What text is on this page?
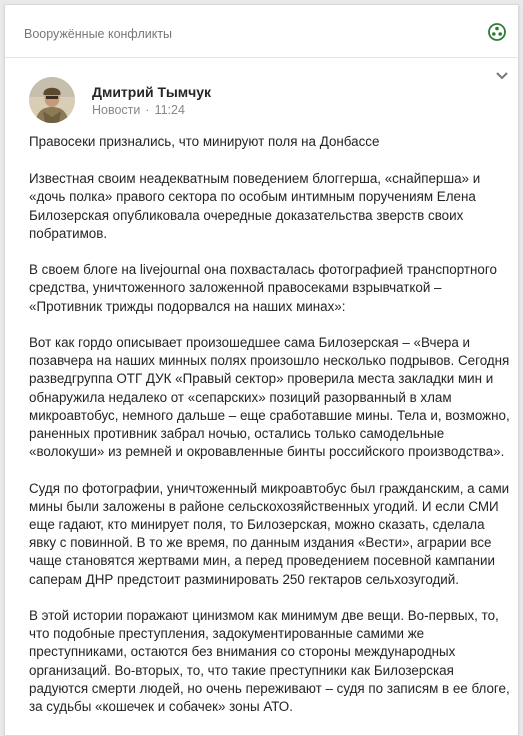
Вооружённые конфликты
Дмитрий Тымчук
Новости · 11:24

Правосеки признались, что минируют поля на Донбассе

Известная своим неадекватным поведением блоггерша, «снайперша» и «дочь полка» правого сектора по особым интимным поручениям Елена Билозерская опубликовала очередные доказательства зверств своих побратимов.

В своем блоге на livejournal она похвасталась фотографией транспортного средства, уничтоженного заложенной правосеками взрывчаткой – «Противник трижды подорвался на наших минах»:

Вот как гордо описывает произошедшее сама Билозерская – «Вчера и позавчера на наших минных полях произошло несколько подрывов. Сегодня разведгруппа ОТГ ДУК «Правый сектор» проверила места закладки мин и обнаружила недалеко от «сепарских» позиций разорванный в хлам микроавтобус, немного дальше – еще сработавшие мины. Тела и, возможно, раненных противник забрал ночью, остались только самодельные «волокуши» из ремней и окровавленные бинты российского производства».

Судя по фотографии, уничтоженный микроавтобус был гражданским, а сами мины были заложены в районе сельскохозяйственных угодий. И если СМИ еще гадают, кто минирует поля, то Билозерская, можно сказать, сделала явку с повинной. В то же время, по данным издания «Вести», аграрии все чаще становятся жертвами мин, а перед проведением посевной кампании саперам ДНР предстоит разминировать 250 гектаров сельхозугодий.

В этой истории поражают цинизмом как минимум две вещи. Во-первых, то, что подобные преступления, задокументированные самими же преступниками, остаются без внимания со стороны международных организаций. Во-вторых, то, что такие преступники как Билозерская радуются смерти людей, но очень переживают – судя по записям в ее блоге, за судьбы «кошечек и собачек» зоны АТО.
